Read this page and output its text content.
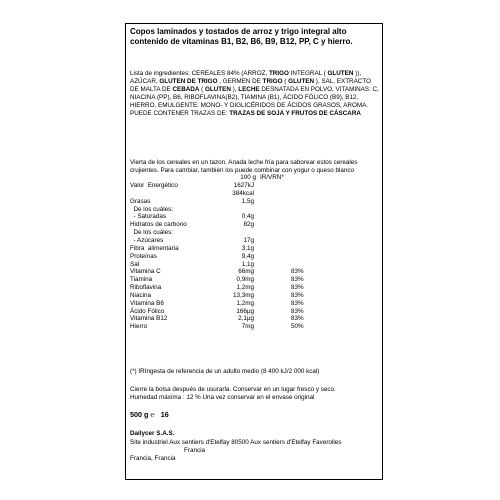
Copos laminados y tostados de arroz y trigo integral alto contenido de vitaminas B1, B2, B6, B9, B12, PP, C y hierro.
Lista de ingredientes: CEREALES 84% (ARROZ, TRIGO INTEGRAL ( GLUTEN )), AZÚCAR, GLUTEN DE TRIGO , GERMEN DE TRIGO ( GLUTEN ), SAL, EXTRACTO DE MALTA DE CEBADA ( GLUTEN ), LECHE DESNATADA EN POLVO, VITAMINAS: C, NIACINA (PP), B6, RIBOFLAVINA(B2), TIAMINA (B1), ÁCIDO FÓLICO (B9), B12, HIERRO, EMULGENTE: MONO- Y DIGLICÉRIDOS DE ÁCIDOS GRASOS, AROMA. PUEDE CONTENER TRAZAS DE: TRAZAS DE SOJA Y FRUTOS DE CÁSCARA
Vierta de los cereales en un tazon. Anada leche fría para saborear estos cereales crujientes. Para cambiar, también los puede combinar con yogur o queso blanco
100 g IR/VRN*
Valor  Energético	1627kJ
384kcal
Grasas	1,5g
De los cuáles:
- Saturadas	0,4g
Hidratos de carbono	82g
De los cuáles:
- Azúcares	17g
Fibra  alimentaria	3,1g
Proteínas	9,4g
Sal	1,1g
Vitamina C	66mg	83%
Tiamina	0,9mg	83%
Riboflavina	1,2mg	83%
Niacina	13,3mg	83%
Vitamina B6	1,2mg	83%
Ácido Fólico	166µg	83%
Vitamina B12	2,1µg	83%
Hierro	7mg	50%
(*) IRIngesta de referencia de un adulto medio (8 400 kJ/2 000 kcal)
Cierre la bolsa después de usurarla. Conservar en un lugar fresco y seco.
Humedad máxima : 12 % Una vez conservar en el envase original
500 g ℮ 16
Dailycer S.A.S.
Site industriel Aux sentiers d'Etelfay 80500 Aux sentiers d'Etelfay Faverolles
Francia
Francia, Francia
